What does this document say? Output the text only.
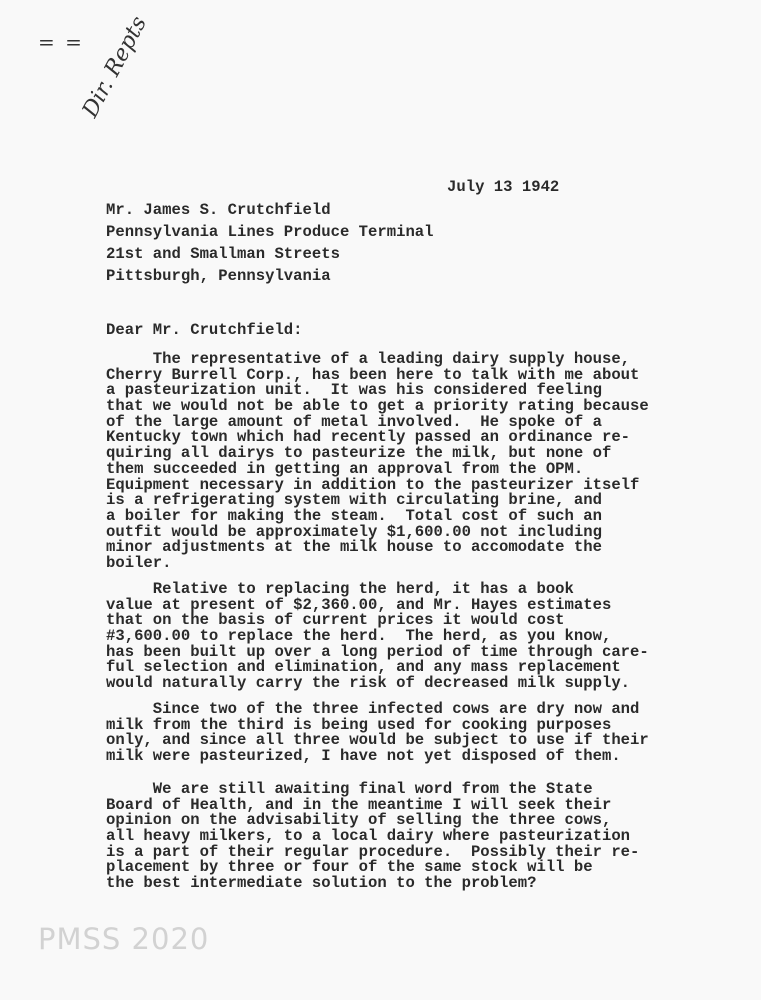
= =
Dir. Repts
July 13 1942
Mr. James S. Crutchfield
Pennsylvania Lines Produce Terminal
21st and Smallman Streets
Pittsburgh, Pennsylvania
Dear Mr. Crutchfield:
The representative of a leading dairy supply house,
Cherry Burrell Corp., has been here to talk with me about
a pasteurization unit.  It was his considered feeling
that we would not be able to get a priority rating because
of the large amount of metal involved.  He spoke of a
Kentucky town which had recently passed an ordinance re-
quiring all dairys to pasteurize the milk, but none of
them succeeded in getting an approval from the OPM.
Equipment necessary in addition to the pasteurizer itself
is a refrigerating system with circulating brine, and
a boiler for making the steam.  Total cost of such an
outfit would be approximately $1,600.00 not including
minor adjustments at the milk house to accomodate the
boiler.
Relative to replacing the herd, it has a book
value at present of $2,360.00, and Mr. Hayes estimates
that on the basis of current prices it would cost
#3,600.00 to replace the herd.  The herd, as you know,
has been built up over a long period of time through care-
ful selection and elimination, and any mass replacement
would naturally carry the risk of decreased milk supply.
Since two of the three infected cows are dry now and
milk from the third is being used for cooking purposes
only, and since all three would be subject to use if their
milk were pasteurized, I have not yet disposed of them.
We are still awaiting final word from the State
Board of Health, and in the meantime I will seek their
opinion on the advisability of selling the three cows,
all heavy milkers, to a local dairy where pasteurization
is a part of their regular procedure.  Possibly their re-
placement by three or four of the same stock will be
the best intermediate solution to the problem?
PMSS 2020
